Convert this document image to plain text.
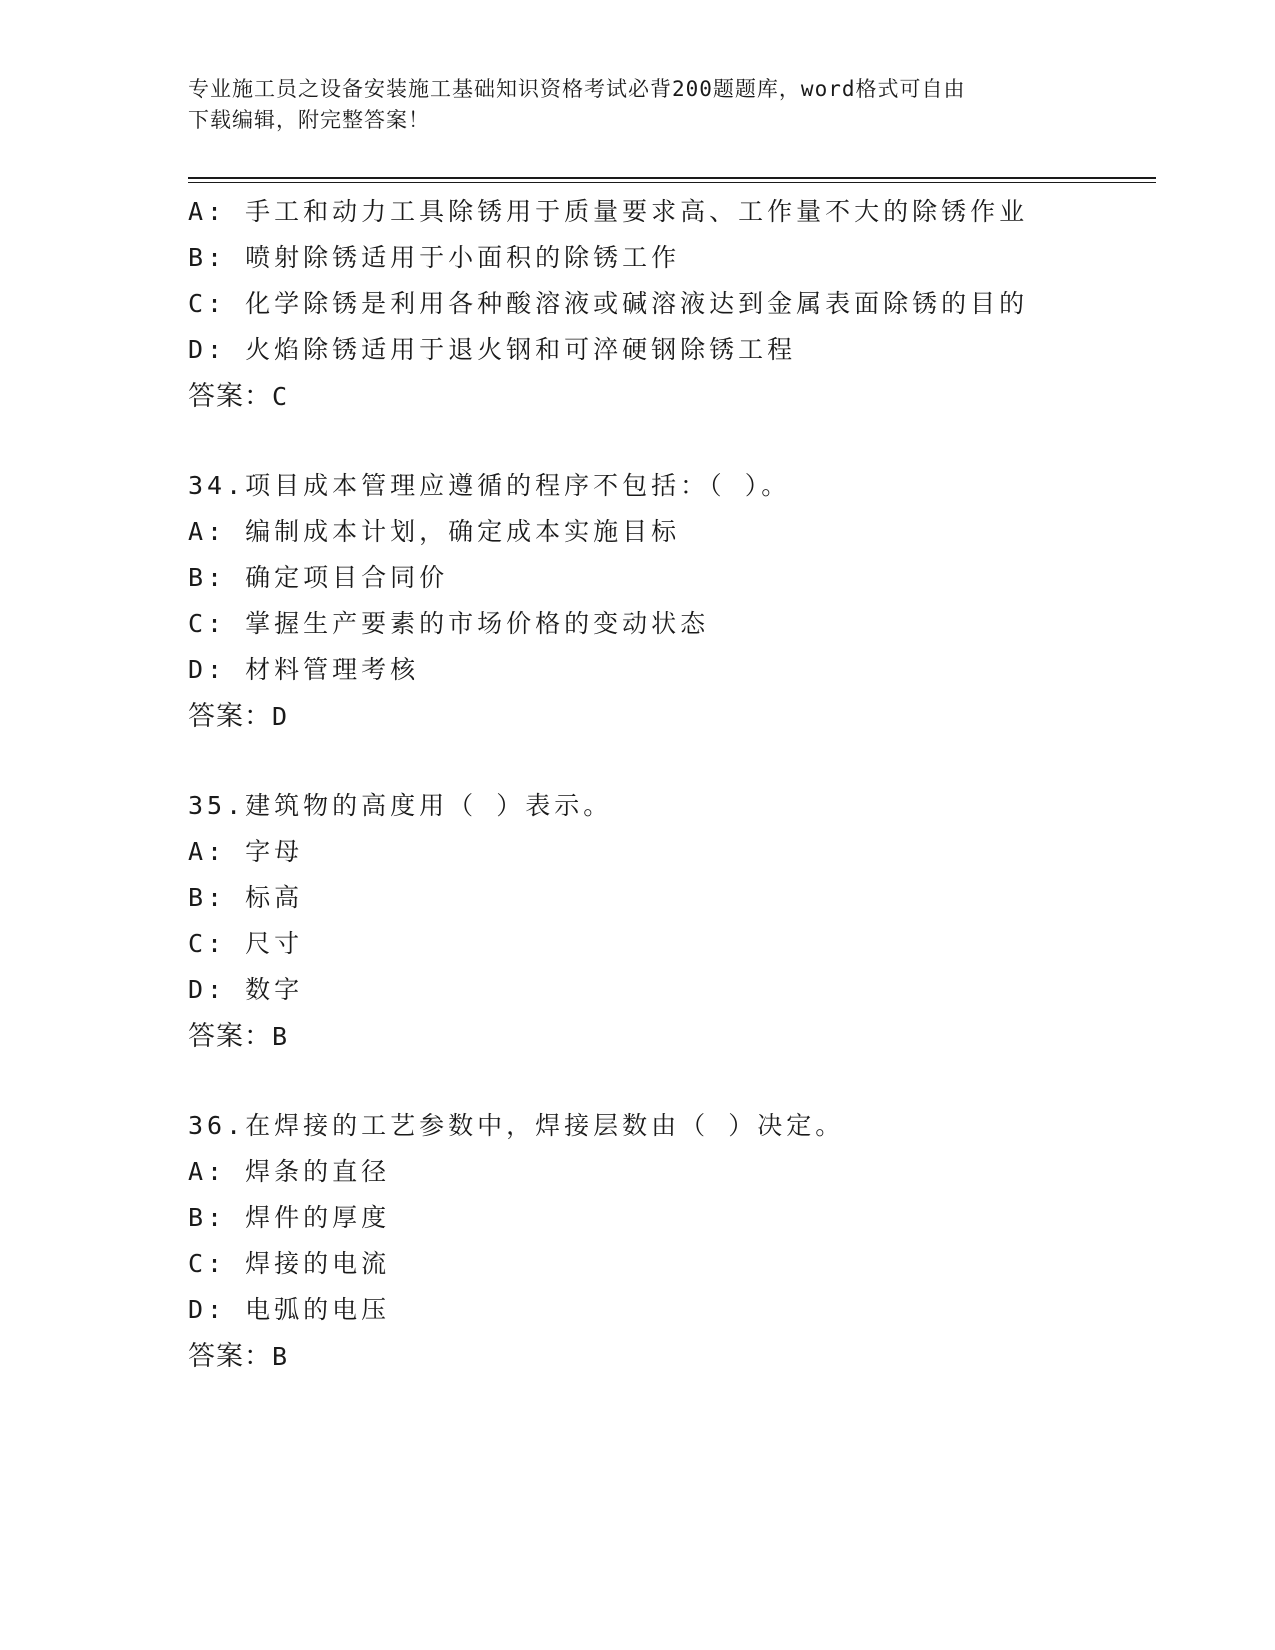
专业施工员之设备安装施工基础知识资格考试必背200题题库，word格式可自由
下载编辑，附完整答案！
A: 手工和动力工具除锈用于质量要求高、工作量不大的除锈作业
B: 喷射除锈适用于小面积的除锈工作
C: 化学除锈是利用各种酸溶液或碱溶液达到金属表面除锈的目的
D: 火焰除锈适用于退火钢和可淬硬钢除锈工程
答案：C
34.项目成本管理应遵循的程序不包括：（ ）。
A: 编制成本计划，确定成本实施目标
B: 确定项目合同价
C: 掌握生产要素的市场价格的变动状态
D: 材料管理考核
答案：D
35.建筑物的高度用（ ）表示。
A: 字母
B: 标高
C: 尺寸
D: 数字
答案：B
36.在焊接的工艺参数中，焊接层数由（ ）决定。
A: 焊条的直径
B: 焊件的厚度
C: 焊接的电流
D: 电弧的电压
答案：B
